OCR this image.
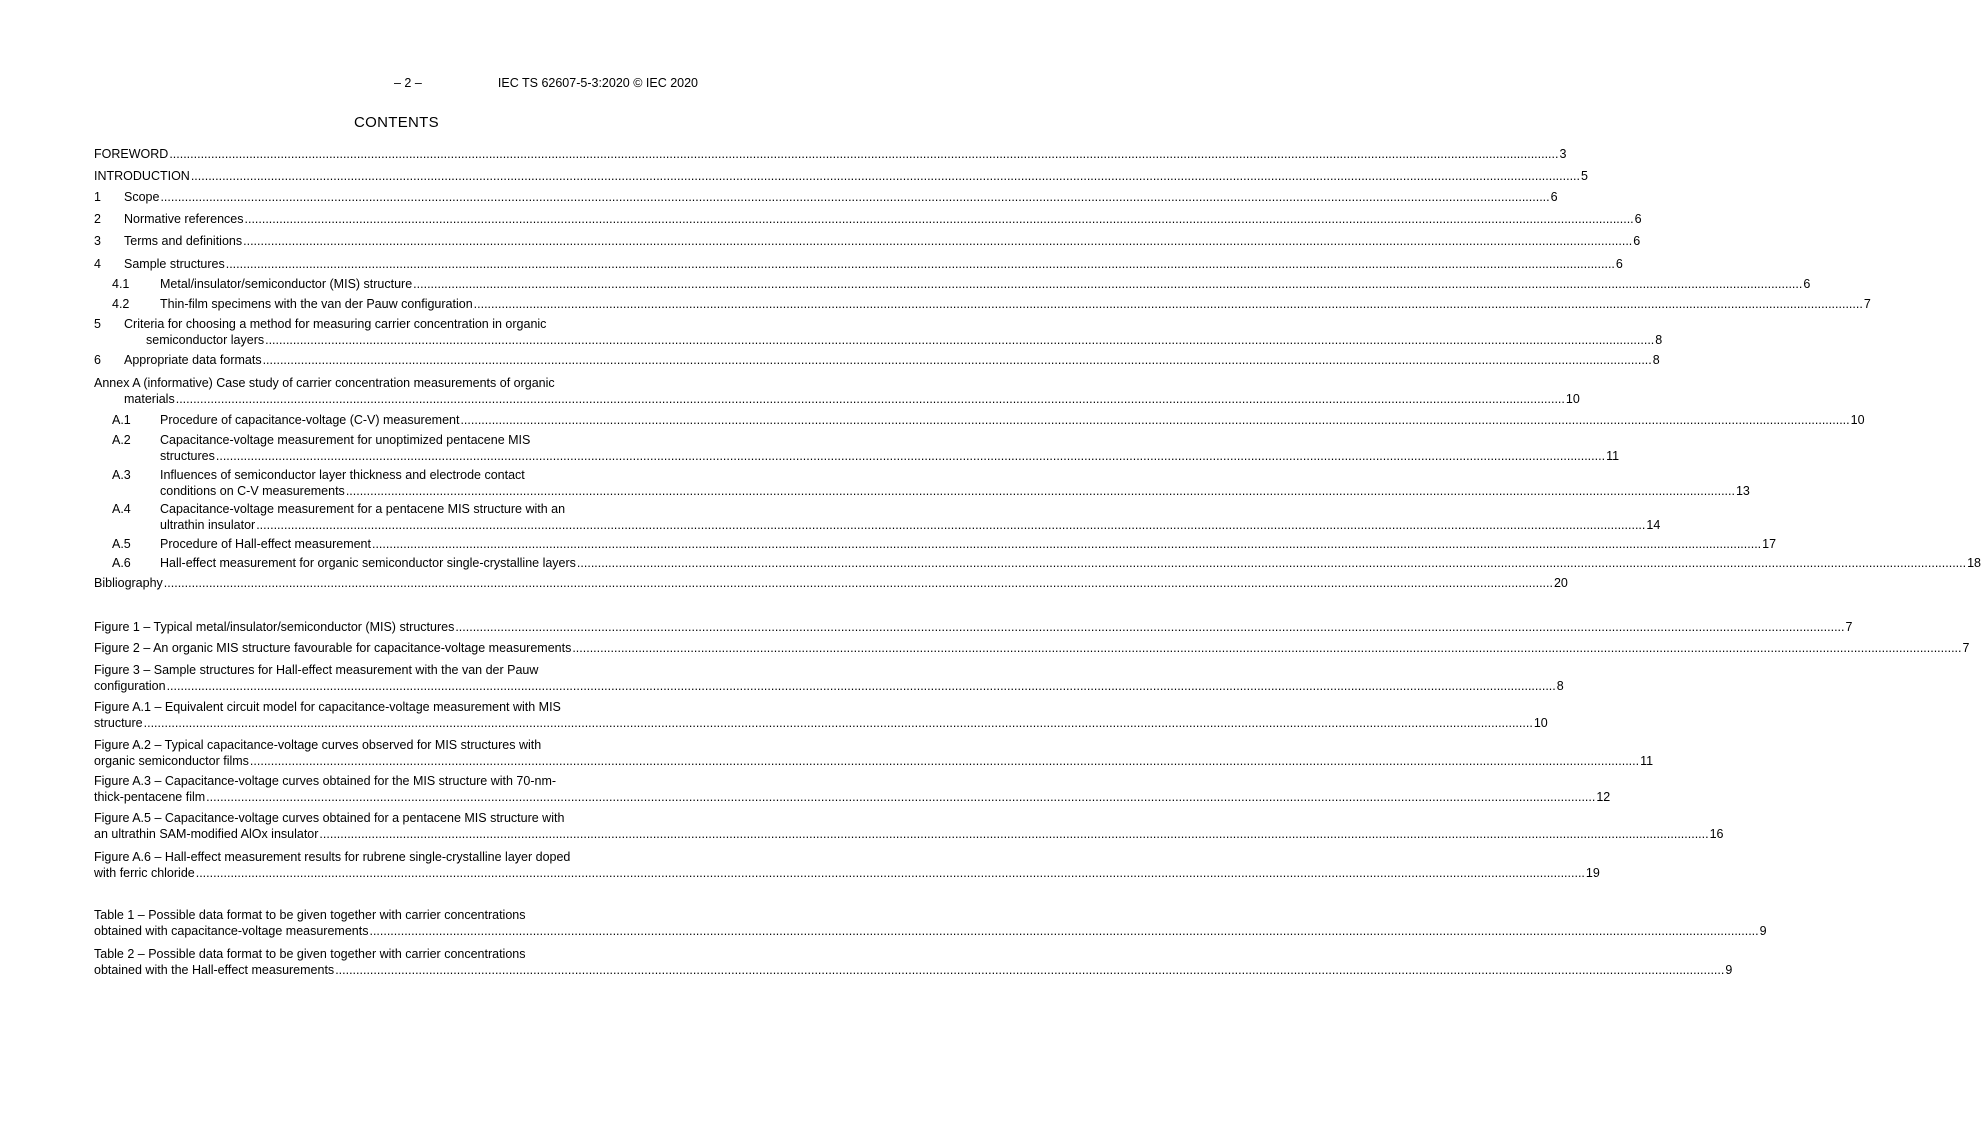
– 2 –	IEC TS 62607-5-3:2020 © IEC 2020
CONTENTS
FOREWORD ................................................................................................................................................................................................................................................................................................................................................................................................................ 3
INTRODUCTION ................................................................................................................................................................................................................................................................................................................................................................................................................ 5
1 Scope ................................................................................................................................................................................................................................................................................................................................................................................................................ 6
2 Normative references ................................................................................................................................................................................................................................................................................................................................................................................................................ 6
3 Terms and definitions ................................................................................................................................................................................................................................................................................................................................................................................................................ 6
4 Sample structures ................................................................................................................................................................................................................................................................................................................................................................................................................ 6
4.1 Metal/insulator/semiconductor (MIS) structure ................................................................................................................................................................................................................................................................................................................................................................................................................ 6
4.2 Thin-film specimens with the van der Pauw configuration ................................................................................................................................................................................................................................................................................................................................................................................................................ 7
5	Criteria for choosing a method for measuring carrier concentration in organic
semiconductor layers ................................................................................................................................................................................................................................................................................................................................................................................................................ 8
6 Appropriate data formats ................................................................................................................................................................................................................................................................................................................................................................................................................ 8
Annex A (informative) Case study of carrier concentration measurements of organic
materials ................................................................................................................................................................................................................................................................................................................................................................................................................ 10
A.1 Procedure of capacitance-voltage (C-V) measurement ................................................................................................................................................................................................................................................................................................................................................................................................................ 10
A.2	Capacitance-voltage measurement for unoptimized pentacene MIS
structures ................................................................................................................................................................................................................................................................................................................................................................................................................ 11
A.3	Influences of semiconductor layer thickness and electrode contact
conditions on C-V measurements ................................................................................................................................................................................................................................................................................................................................................................................................................ 13
A.4	Capacitance-voltage measurement for a pentacene MIS structure with an
ultrathin insulator ................................................................................................................................................................................................................................................................................................................................................................................................................ 14
A.5 Procedure of Hall-effect measurement ................................................................................................................................................................................................................................................................................................................................................................................................................ 17
A.6 Hall-effect measurement for organic semiconductor single-crystalline layers ................................................................................................................................................................................................................................................................................................................................................................................................................ 18
Bibliography ................................................................................................................................................................................................................................................................................................................................................................................................................ 20
Figure 1 – Typical metal/insulator/semiconductor (MIS) structures ................................................................................................................................................................................................................................................................................................................................................................................................................ 7
Figure 2 – An organic MIS structure favourable for capacitance-voltage measurements ................................................................................................................................................................................................................................................................................................................................................................................................................ 7
Figure 3 – Sample structures for Hall-effect measurement with the van der Pauw
configuration ................................................................................................................................................................................................................................................................................................................................................................................................................ 8
Figure A.1 – Equivalent circuit model for capacitance-voltage measurement with MIS
structure ................................................................................................................................................................................................................................................................................................................................................................................................................ 10
Figure A.2 – Typical capacitance-voltage curves observed for MIS structures with
organic semiconductor films ................................................................................................................................................................................................................................................................................................................................................................................................................ 11
Figure A.3 – Capacitance-voltage curves obtained for the MIS structure with 70-nm-
thick-pentacene film ................................................................................................................................................................................................................................................................................................................................................................................................................ 12
Figure A.5 – Capacitance-voltage curves obtained for a pentacene MIS structure with
an ultrathin SAM-modified AlOx insulator ................................................................................................................................................................................................................................................................................................................................................................................................................ 16
Figure A.6 – Hall-effect measurement results for rubrene single-crystalline layer doped
with ferric chloride ................................................................................................................................................................................................................................................................................................................................................................................................................ 19
Table 1 – Possible data format to be given together with carrier concentrations
obtained with capacitance-voltage measurements ................................................................................................................................................................................................................................................................................................................................................................................................................ 9
Table 2 – Possible data format to be given together with carrier concentrations
obtained with the Hall-effect measurements ................................................................................................................................................................................................................................................................................................................................................................................................................ 9
